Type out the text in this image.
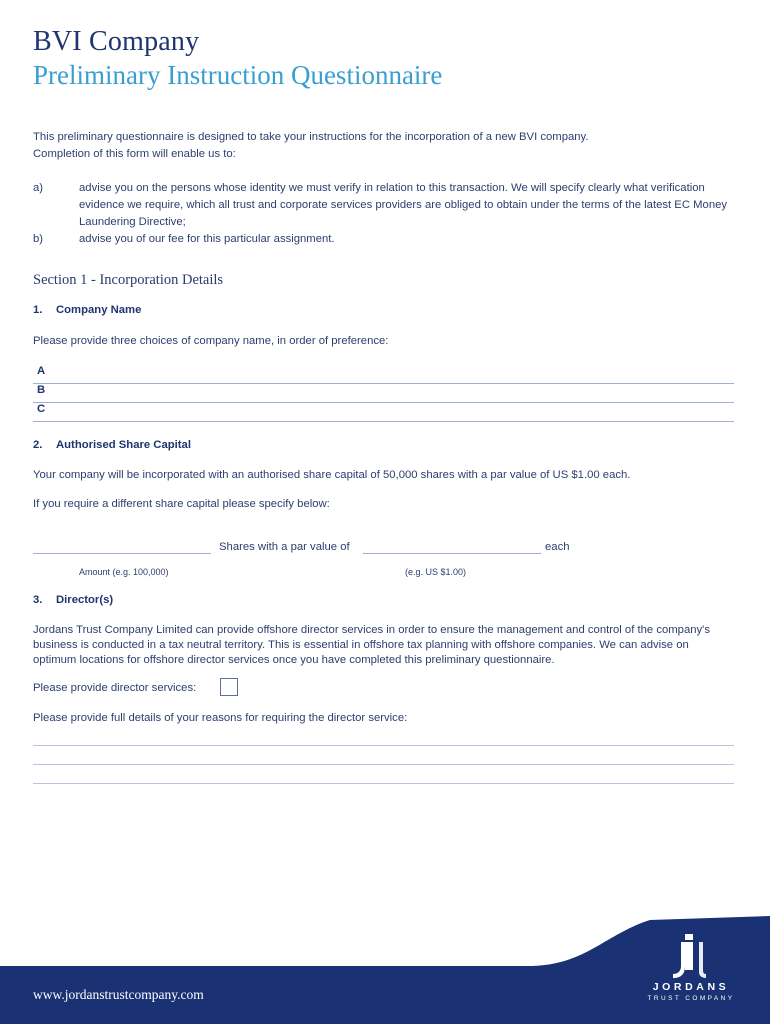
BVI Company
Preliminary Instruction Questionnaire
This preliminary questionnaire is designed to take your instructions for the incorporation of a new BVI company.
Completion of this form will enable us to:
a)	advise you on the persons whose identity we must verify in relation to this transaction. We will specify clearly what verification evidence we require, which all trust and corporate services providers are obliged to obtain under the terms of the latest EC Money Laundering Directive;
b)	advise you of our fee for this particular assignment.
Section 1 - Incorporation Details
1. Company Name
Please provide three choices of company name, in order of preference:
A
B
C
2. Authorised Share Capital
Your company will be incorporated with an authorised share capital of 50,000 shares with a par value of US $1.00 each.
If you require a different share capital please specify below:
Shares with a par value of	each
Amount (e.g. 100,000)	(e.g. US $1.00)
3. Director(s)
Jordans Trust Company Limited can provide offshore director services in order to ensure the management and control of the company's business is conducted in a tax neutral territory. This is essential in offshore tax planning with offshore companies. We can advise on optimum locations for offshore director services once you have completed this preliminary questionnaire.
Please provide director services:
Please provide full details of your reasons for requiring the director service:
JORDANS
TRUST COMPANY
www.jordanstrustcompany.com
